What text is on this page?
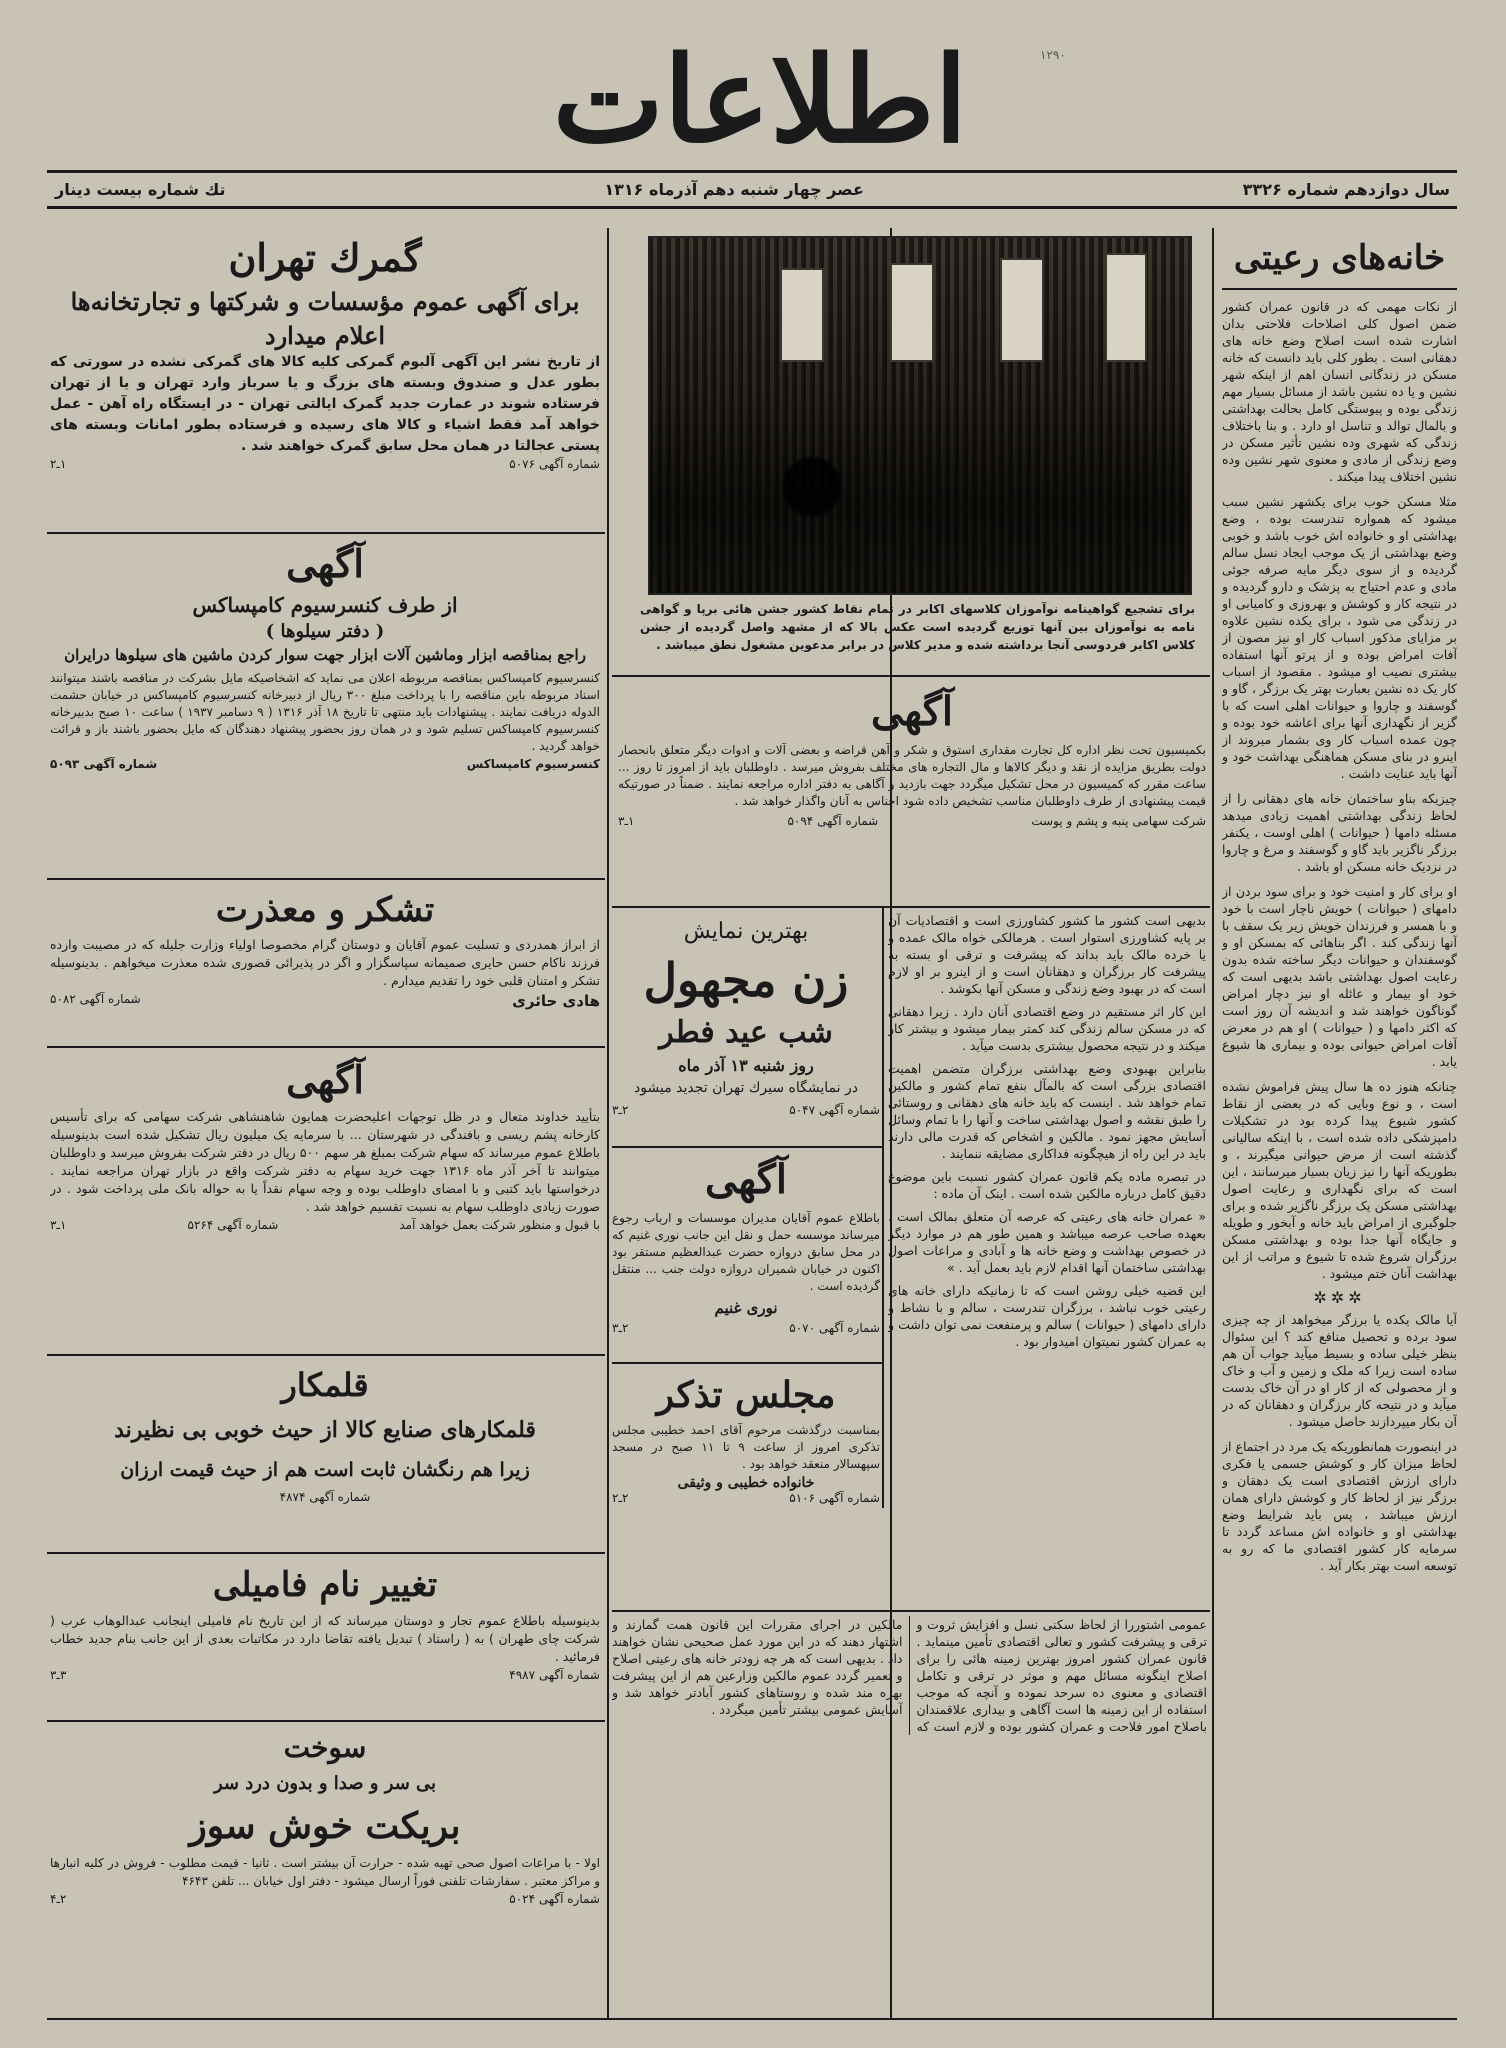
۱۲۹۰
اطلاعات
سال دوازدهم شماره ۳۳۲۶
عصر چهار شنبه دهم آذرماه ۱۳۱۶
تك شماره بیست دینار
خانه‌های رعیتی

از نکات مهمی که در قانون عمران کشور ضمن اصول کلی اصلاحات فلاحتی بدان اشارت شده است اصلاح وضع خانه های دهقانی است . بطور کلی باید دانست که خانه مسکن در زندگانی انسان اهم از اینکه شهر نشین و یا ده نشین باشد از مسائل بسیار مهم زندگی بوده و پیوستگی کامل بحالت بهداشتی و بالمال توالد و تناسل او دارد . و بنا باختلاف زندگی که شهری وده نشین تأثیر مسکن در وضع زندگی از مادی و معنوی شهر نشین وده نشین اختلاف پیدا میکند .

مثلا مسکن خوب برای یکشهر نشین سبب میشود که همواره تندرست بوده ، وضع بهداشتی او و خانواده اش خوب باشد و خوبی وضع بهداشتی از یک موجب ایجاد نسل سالم گردیده و از سوی دیگر مایه صرفه جوئی مادی و عدم احتیاج به پزشک و دارو گردیده و در نتیجه کار و کوشش و بهروزی و کامیابی او در زندگی می شود ، برای یکده نشین علاوه بر مزایای مذکور اسباب کار او نیز مصون از آفات امراض بوده و از پرتو آنها استفاده بیشتری نصیب او میشود . مقصود از اسباب کار یک ده نشین بعبارت بهتر یک برزگر ، گاو و گوسفند و چاروا و حیوانات اهلی است که با گزیر از نگهداری آنها برای اعاشه خود بوده و چون عمده اسباب کار وی بشمار میروند از اینرو در بنای مسکن هماهنگی بهداشت خود و آنها باید عنایت داشت .

چیزیکه بناو ساختمان خانه های دهقانی را از لحاظ زندگی بهداشتی اهمیت زیادی میدهد مسئله دامها ( حیوانات ) اهلی اوست ، یکنفر برزگر ناگزیر باید گاو و گوسفند و مرغ و چاروا در نزدیک خانه مسکن او باشد .

او برای کار و امنیت خود و برای سود بردن از دامهای ( حیوانات ) خویش ناچار است با خود و با همسر و فرزندان خویش زیر یک سقف با آنها زندگی کند . اگر بناهائی که بمسکن او و گوسفندان و حیوانات دیگر ساخته شده بدون رعایت اصول بهداشتی باشد بدیهی است که خود او بیمار و عائله او نیز دچار امراض گوناگون خواهند شد و اندیشه آن روز است که اکثر دامها و ( حیوانات ) او هم در معرض آفات امراض حیوانی بوده و بیماری ها شیوع یابد .

چنانکه هنوز ده ها سال پیش فراموش نشده است ، و نوع وبایی که در بعضی از نقاط کشور شیوع پیدا کرده بود در تشکیلات دامپزشکی داده شده است ، با اینکه سالیانی گذشته است از مرض حیوانی میگیرند ، و بطوریکه آنها را نیز زیان بسیار میرسانند ، این است که برای نگهداری و رعایت اصول بهداشتی مسکن یک برزگر ناگزیر شده و برای جلوگیری از امراض باید خانه و آبخور و طویله و جایگاه آنها جدا بوده و بهداشتی مسکن برزگران شروع شده تا شیوع و مراتب از این بهداشت آنان ختم میشود .

✲✲✲

آیا مالک یکده یا برزگر میخواهد از چه چیزی سود برده و تحصیل منافع کند ؟ این سئوال بنظر خیلی ساده و بسیط میآید جواب آن هم ساده است زیرا که ملک و زمین و آب و خاک و از محصولی که از کار او در آن خاک بدست میآید و در نتیجه کار برزگران و دهقانان که در آن بکار میپردازند حاصل میشود .

در اینصورت همانطوریکه یک مرد در اجتماع از لحاظ میزان کار و کوشش جسمی یا فکری دارای ارزش اقتصادی است یک دهقان و برزگر نیز از لحاظ کار و کوشش دارای همان ارزش میباشد ، پس باید شرایط وضع بهداشتی او و خانواده اش مساعد گردد تا سرمایه کار کشور اقتصادی ما که رو به توسعه است بهتر بکار آید .

برای تشجیع گواهینامه نوآموزان کلاسهای اکابر در تمام نقاط کشور جشن هائی برپا و گواهی نامه به نوآموزان بین آنها توزیع گردیده است عکس بالا که از مشهد واصل گردیده از جشن کلاس اکابر فردوسی آنجا برداشته شده و مدیر کلاس در برابر مدعوین مشغول نطق میباشد .
آگهی
بکمیسیون تحت نظر اداره کل تجارت مقداری استوق و شکر و آهن قراضه و بعضی آلات و ادوات دیگر متعلق بانحصار دولت بطریق مزایده از نقد و دیگر کالاها و مال التجاره های مختلف بفروش میرسد . داوطلبان باید از امروز تا روز ... ساعت مقرر که کمیسیون در محل تشکیل میگردد جهت بازدید و آگاهی به دفتر اداره مراجعه نمایند . ضمناً در صورتیکه قیمت پیشنهادی از طرف داوطلبان مناسب تشخیص داده شود اجناس به آنان واگذار خواهد شد .
شرکت سهامی پنبه و پشم و پوست
شماره آگهی ۵۰۹۴
۱ـ۳
بهترین نمایش
زن مجهول
شب عید فطر
روز شنبه ۱۳ آذر ماه
در نمایشگاه سیرك تهران تجدید میشود
شماره آگهی ۵۰۴۷
۲ـ۳
آگهی
باطلاع عموم آقایان مدیران موسسات و ارباب رجوع میرساند موسسه حمل و نقل این جانب نوری غنیم که در محل سابق دروازه حضرت عبدالعظیم مستقر بود اکنون در خیابان شمیران دروازه دولت جنب ... منتقل گردیده است .
نوری غنیم
شماره آگهی ۵۰۷۰
۲ـ۳
مجلس تذکر
بمناسبت درگذشت مرحوم آقای احمد خطیبی مجلس تذکری امروز از ساعت ۹ تا ۱۱ صبح در مسجد سپهسالار منعقد خواهد بود .
خانواده خطیبی و وثیقی
شماره آگهی ۵۱۰۶
۲ـ۲

بدیهی است کشور ما کشور کشاورزی است و اقتصادیات آن بر پایه کشاورزی استوار است . هرمالکی خواه مالک عمده و یا خرده مالک باید بداند که پیشرفت و ترقی او بسته به پیشرفت کار برزگران و دهقانان است و از اینرو بر او لازم است که در بهبود وضع زندگی و مسکن آنها بکوشد .

این کار اثر مستقیم در وضع اقتصادی آنان دارد . زیرا دهقانی که در مسکن سالم زندگی کند کمتر بیمار میشود و بیشتر کار میکند و در نتیجه محصول بیشتری بدست میآید .

بنابراین بهبودی وضع بهداشتی برزگران متضمن اهمیت اقتصادی بزرگی است که بالمآل بنفع تمام کشور و مالکین تمام خواهد شد . اینست که باید خانه های دهقانی و روستائی را طبق نقشه و اصول بهداشتی ساخت و آنها را با تمام وسائل آسایش مجهز نمود . مالکین و اشخاص که قدرت مالی دارند باید در این راه از هیچگونه فداکاری مضایقه ننمایند .

در تبصره ماده یکم قانون عمران کشور نسبت باین موضوع دقیق کامل درباره مالکین شده است . اینک آن ماده :

« عمران خانه های رعیتی که عرصه آن متعلق بمالک است ، بعهده صاحب عرصه میباشد و همین طور هم در موارد دیگر در خصوص بهداشت و وضع خانه ها و آبادی و مراعات اصول بهداشتی ساختمان آنها اقدام لازم باید بعمل آید . »

این قضیه خیلی روشن است که تا زمانیکه دارای خانه های رعیتی خوب نباشد ، برزگران تندرست ، سالم و با نشاط و دارای دامهای ( حیوانات ) سالم و پرمنفعت نمی توان داشت و به عمران کشور نمیتوان امیدوار بود .

عمومی اشتوررا از لحاظ سکنی نسل و افزایش ثروت و ترقی و پیشرفت کشور و تعالی اقتصادی تأمین مینماید . قانون عمران کشور امروز بهترین زمینه هائی را برای اصلاح اینگونه مسائل مهم و موثر در ترقی و تکامل اقتصادی و معنوی ده سرحد نموده و آنچه که موجب استفاده از این زمینه ها است آگاهی و بیداری علاقمندان باصلاح امور فلاحت و عمران کشور بوده و لازم است که مالکین در اجرای مقررات این قانون همت گمارند و اشتهار دهند که در این مورد عمل صحیحی نشان خواهند داد . بدیهی است که هر چه زودتر خانه های رعیتی اصلاح و تعمیر گردد عموم مالکین وزارعین هم از این پیشرفت بهره مند شده و روستاهای کشور آبادتر خواهد شد و آسایش عمومی بیشتر تأمین میگردد .

گمرك تهران
برای آگهی عموم مؤسسات و شرکتها و تجارتخانه‌ها
اعلام میدارد
از تاریخ نشر این آگهی آلبوم گمرکی کلیه کالا های گمرکی نشده در سورتی که بطور عدل و صندوق وبسته های بزرگ و یا سرباز وارد تهران و یا از تهران فرستاده شوند در عمارت جدید گمرک ایالتی تهران - در ایستگاه راه آهن - عمل خواهد آمد فقط اشیاء و کالا های رسیده و فرستاده بطور امانات وبسته های پستی عجالتا در همان محل سابق گمرک خواهند شد .
شماره آگهی ۵۰۷۶
۱ـ۲
آگهی
از طرف کنسرسیوم کامپساکس
( دفتر سیلوها )
راجع بمناقصه ابزار وماشین آلات ابزار جهت سوار کردن ماشین های سیلوها درایران
کنسرسیوم کامپساکس بمناقصه مربوطه اعلان می نماید که اشخاصیکه مایل بشرکت در مناقصه باشند میتوانند اسناد مربوطه باین مناقصه را با پرداخت مبلغ ۳۰۰ ریال از دبیرخانه کنسرسیوم کامپساکس در خیابان حشمت الدوله دریافت نمایند . پیشنهادات باید منتهی تا تاریخ ۱۸ آذر ۱۳۱۶ ( ۹ دسامبر ۱۹۳۷ ) ساعت ۱۰ صبح بدبیرخانه کنسرسیوم کامپساکس تسلیم شود و در همان روز بحضور پیشنهاد دهندگان که مایل بحضور باشند باز و قرائت خواهد گردید .
کنسرسیوم کامپساکس
شماره آگهی ۵۰۹۳
تشکر و معذرت
از ابراز همدردی و تسلیت عموم آقایان و دوستان گرام مخصوصا اولیاء وزارت جلیله که در مصیبت وارده فرزند ناکام حسن حایری صمیمانه سپاسگزار و اگر در پذیرائی قصوری شده معذرت میخواهم . بدینوسیله تشکر و امتنان قلبی خود را تقدیم میدارم .
هادی حائری
شماره آگهی ۵۰۸۲
آگهی
بتأیید خداوند متعال و در ظل توجهات اعلیحضرت همایون شاهنشاهی شرکت سهامی که برای تأسیس کارخانه پشم ریسی و بافندگی در شهرستان ... با سرمایه یک میلیون ریال تشکیل شده است بدینوسیله باطلاع عموم میرساند که سهام شرکت بمبلغ هر سهم ۵۰۰ ریال در دفتر شرکت بفروش میرسد و داوطلبان میتوانند تا آخر آذر ماه ۱۳۱۶ جهت خرید سهام به دفتر شرکت واقع در بازار تهران مراجعه نمایند . درخواستها باید کتبی و با امضای داوطلب بوده و وجه سهام نقداً یا به حواله بانک ملی پرداخت شود . در صورت زیادی داوطلب سهام به نسبت تقسیم خواهد شد .
با قبول و منظور شرکت بعمل خواهد آمد
شماره آگهی ۵۲۶۴
۱ـ۳
قلمکار
قلمکارهای صنایع کالا از حیث خوبی بی نظیرند
زیرا هم رنگشان ثابت است هم از حیث قیمت ارزان
شماره آگهی ۴۸۷۴
تغییر نام فامیلی
بدینوسیله باطلاع عموم تجار و دوستان میرساند که از این تاریخ نام فامیلی اینجانب عبدالوهاب عرب ( شرکت چای طهران ) به ( راستاد ) تبدیل یافته تقاضا دارد در مکاتبات بعدی از این جانب بنام جدید خطاب فرمائید .
شماره آگهی ۴۹۸۷
۳ـ۳
سوخت
بی سر و صدا و بدون درد سر
بریکت خوش سوز
اولا - با مراعات اصول صحی تهیه شده - حرارت آن بیشتر است . ثانیا - قیمت مطلوب - فروش در کلیه انبارها و مراکز معتبر . سفارشات تلفنی فوراً ارسال میشود - دفتر اول خیابان ... تلفن ۴۶۴۳
شماره آگهی ۵۰۲۴
۲ـ۴
